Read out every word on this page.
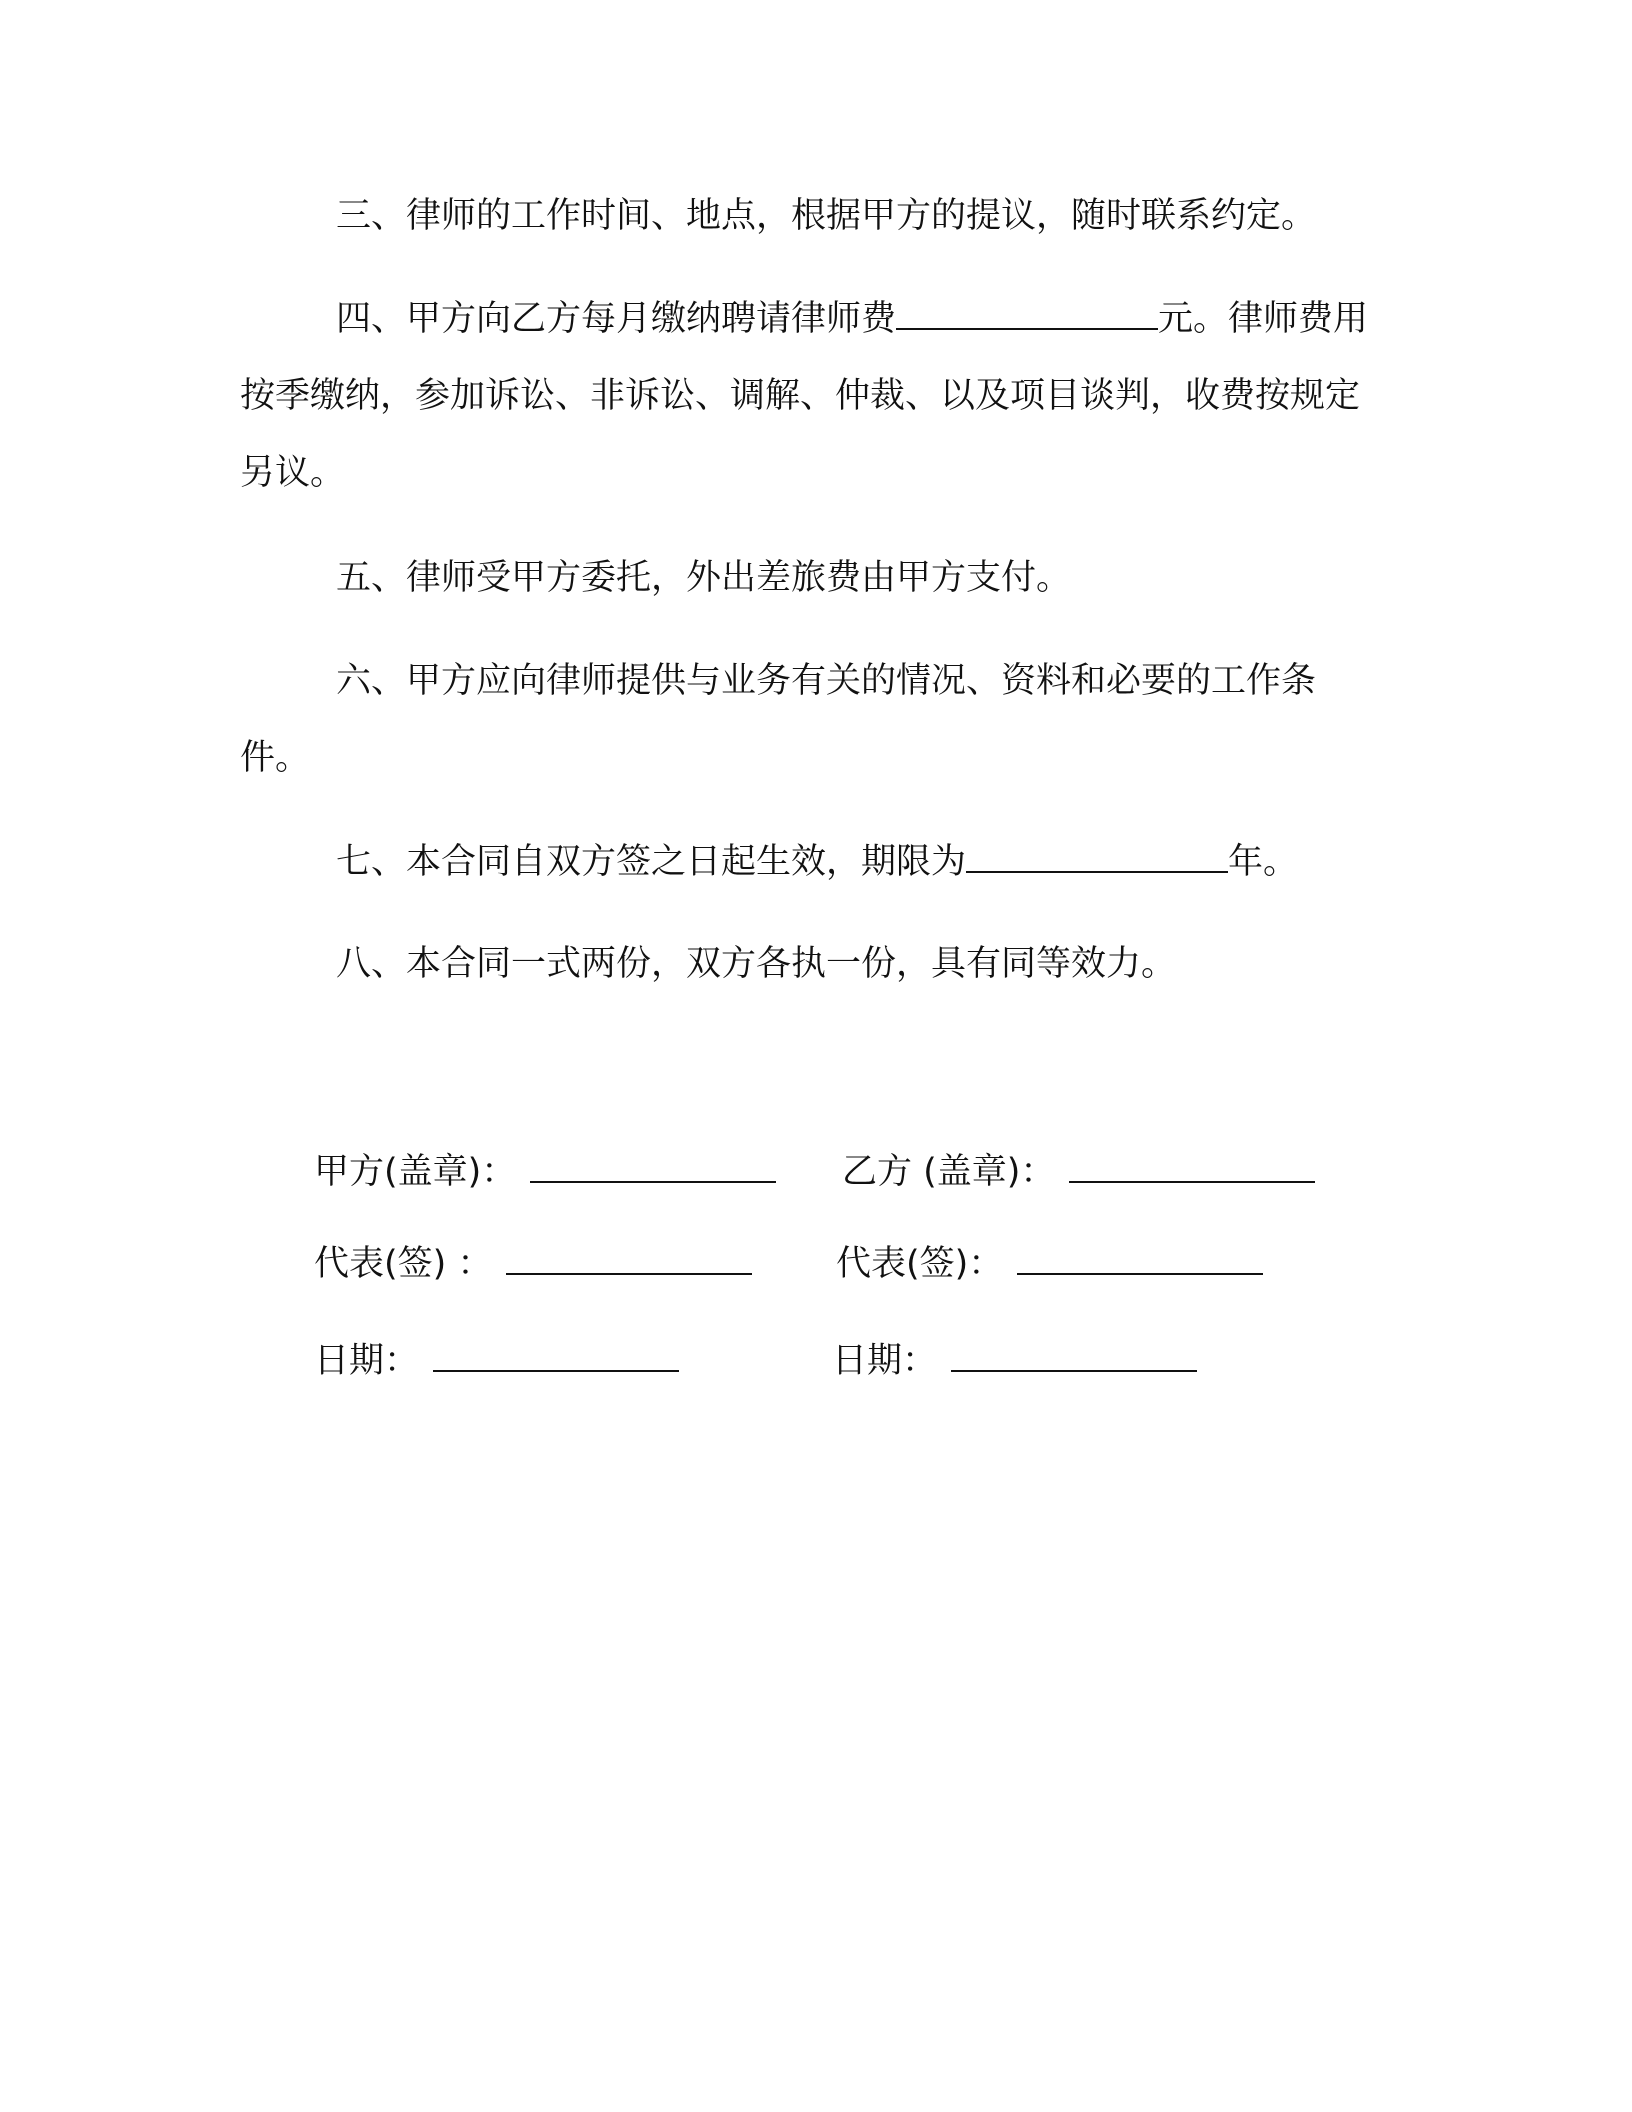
三、律师的工作时间、地点，根据甲方的提议，随时联系约定。

四、甲方向乙方每月缴纳聘请律师费	元。律师费用按季缴纳，参加诉讼、非诉讼、调解、仲裁、以及项目谈判，收费按规定另议。

五、律师受甲方委托，外出差旅费由甲方支付。

六、甲方应向律师提供与业务有关的情况、资料和必要的工作条件。

七、本合同自双方签之日起生效，期限为	年。

八、本合同一式两份，双方各执一份，具有同等效力。

甲方(盖章)：	乙方 (盖章)：
代表(签) ：	代表(签)：
日期：	日期：
